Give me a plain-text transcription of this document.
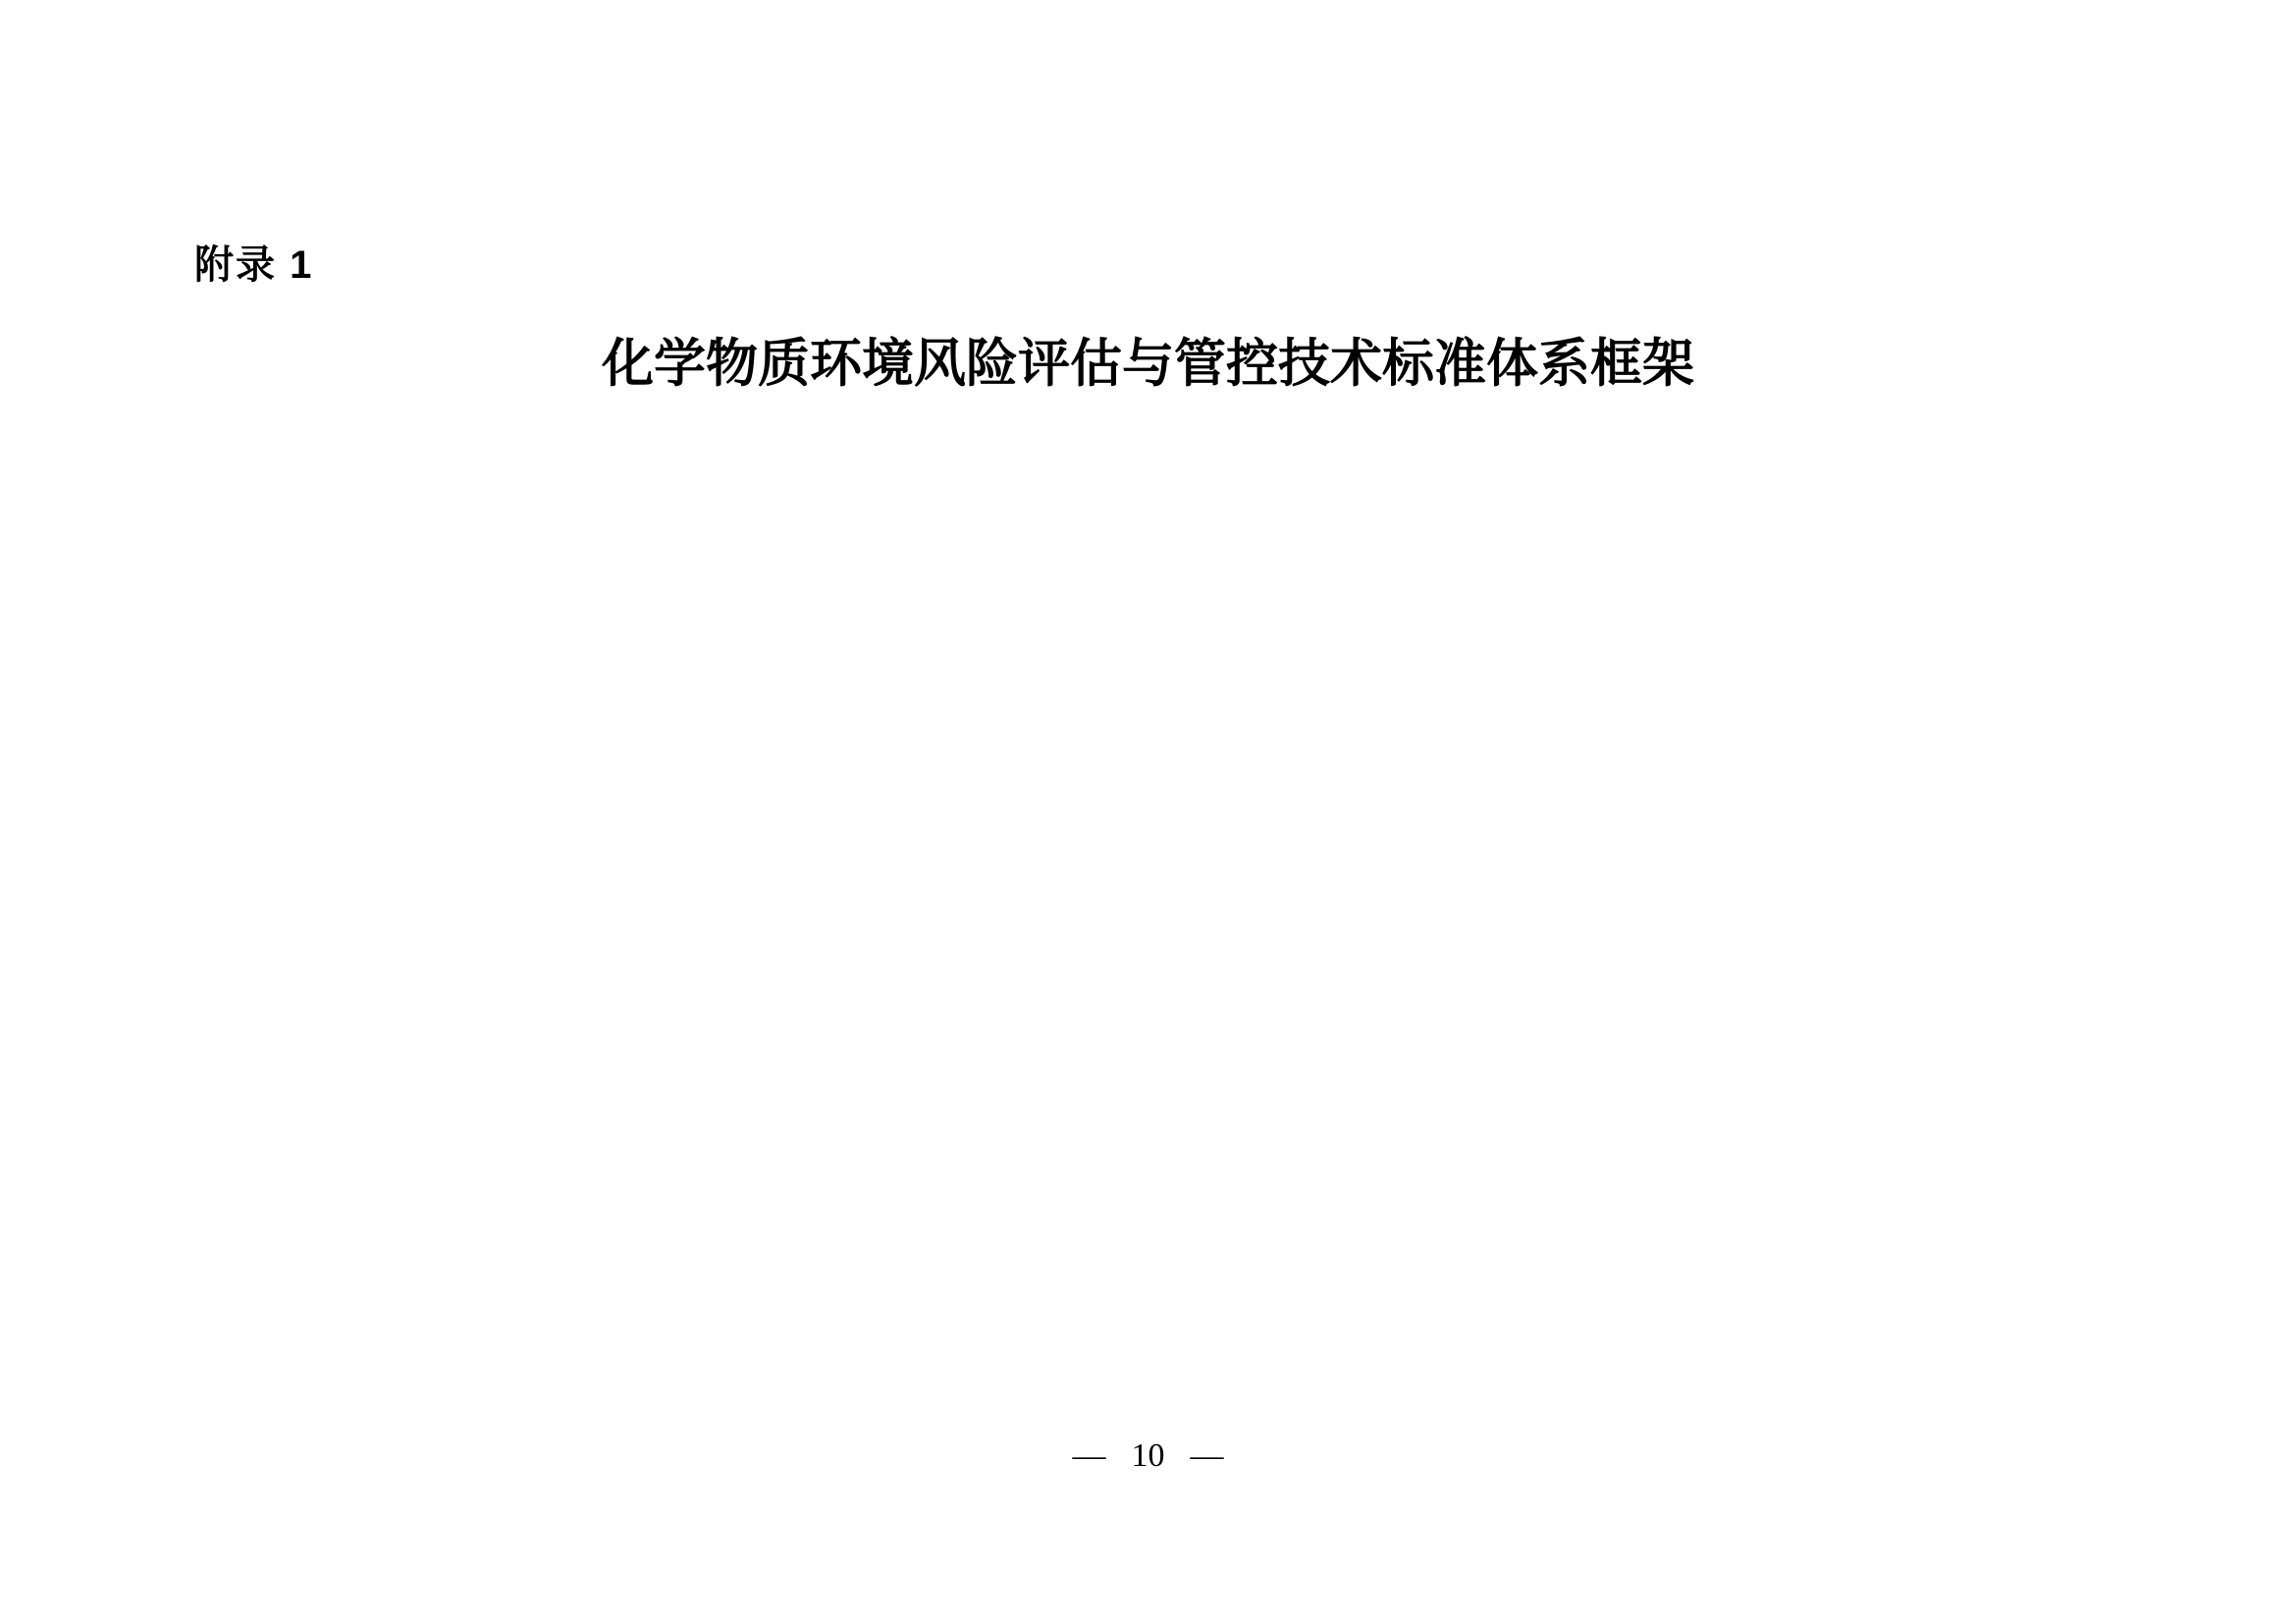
附录 1
化学物质环境风险评估与管控技术标准体系框架
— 10 —
